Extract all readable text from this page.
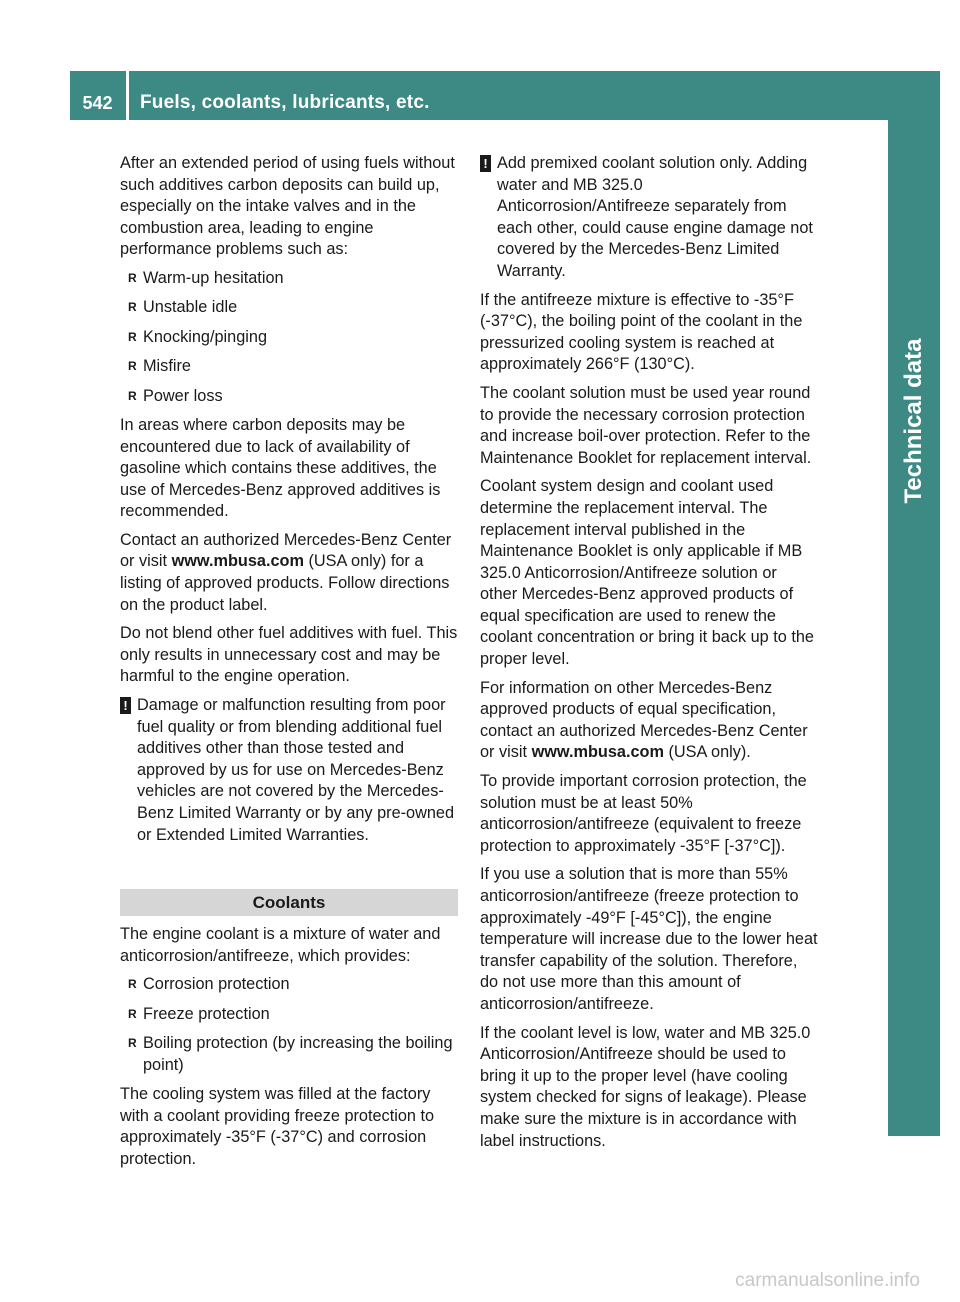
542	Fuels, coolants, lubricants, etc.
Technical data

After an extended period of using fuels without such additives carbon deposits can build up, especially on the intake valves and in the combustion area, leading to engine performance problems such as:

R Warm-up hesitation
R Unstable idle
R Knocking/pinging
R Misfire
R Power loss

In areas where carbon deposits may be encountered due to lack of availability of gasoline which contains these additives, the use of Mercedes-Benz approved additives is recommended.

Contact an authorized Mercedes-Benz Center or visit www.mbusa.com (USA only) for a listing of approved products. Follow directions on the product label.

Do not blend other fuel additives with fuel. This only results in unnecessary cost and may be harmful to the engine operation.

! Damage or malfunction resulting from poor fuel quality or from blending additional fuel additives other than those tested and approved by us for use on Mercedes-Benz vehicles are not covered by the Mercedes-Benz Limited Warranty or by any pre-owned or Extended Limited Warranties.
Coolants

The engine coolant is a mixture of water and anticorrosion/antifreeze, which provides:

R Corrosion protection
R Freeze protection
R Boiling protection (by increasing the boiling point)

The cooling system was filled at the factory with a coolant providing freeze protection to approximately -35°F (-37°C) and corrosion protection.

! Add premixed coolant solution only. Adding water and MB 325.0 Anticorrosion/Antifreeze separately from each other, could cause engine damage not covered by the Mercedes-Benz Limited Warranty.

If the antifreeze mixture is effective to -35°F (-37°C), the boiling point of the coolant in the pressurized cooling system is reached at approximately 266°F (130°C).

The coolant solution must be used year round to provide the necessary corrosion protection and increase boil-over protection. Refer to the Maintenance Booklet for replacement interval.

Coolant system design and coolant used determine the replacement interval. The replacement interval published in the Maintenance Booklet is only applicable if MB 325.0 Anticorrosion/Antifreeze solution or other Mercedes-Benz approved products of equal specification are used to renew the coolant concentration or bring it back up to the proper level.

For information on other Mercedes-Benz approved products of equal specification, contact an authorized Mercedes-Benz Center or visit www.mbusa.com (USA only).

To provide important corrosion protection, the solution must be at least 50% anticorrosion/antifreeze (equivalent to freeze protection to approximately -35°F [-37°C]).

If you use a solution that is more than 55% anticorrosion/antifreeze (freeze protection to approximately -49°F [-45°C]), the engine temperature will increase due to the lower heat transfer capability of the solution. Therefore, do not use more than this amount of anticorrosion/antifreeze.

If the coolant level is low, water and MB 325.0 Anticorrosion/Antifreeze should be used to bring it up to the proper level (have cooling system checked for signs of leakage). Please make sure the mixture is in accordance with label instructions.

carmanualsonline.info
